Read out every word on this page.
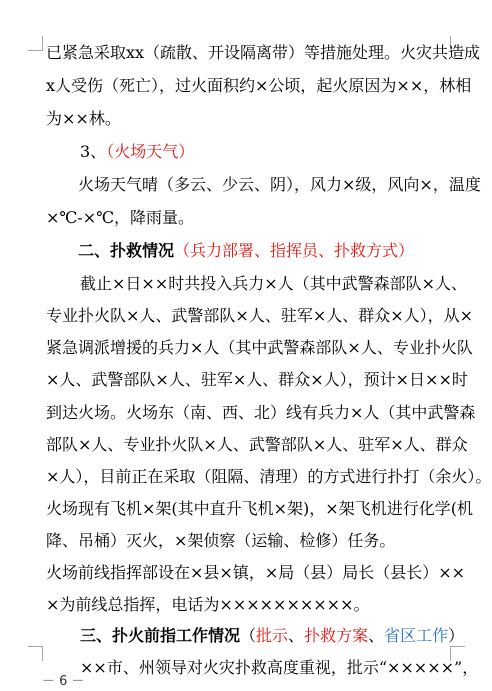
已紧急采取xx（疏散、开设隔离带）等措施处理。火灾共造成
x人受伤（死亡），过火面积约×公顷，起火原因为××，林相
为××林。
3、（火场天气）
火场天气晴（多云、少云、阴），风力×级，风向×，温度
×℃-×℃，降雨量。
二、扑救情况（兵力部署、指挥员、扑救方式）
截止×日××时共投入兵力×人（其中武警森部队×人、
专业扑火队×人、武警部队×人、驻军×人、群众×人），从×
紧急调派增援的兵力×人（其中武警森部队×人、专业扑火队
×人、武警部队×人、驻军×人、群众×人），预计×日××时
到达火场。火场东（南、西、北）线有兵力×人（其中武警森
部队×人、专业扑火队×人、武警部队×人、驻军×人、群众
×人），目前正在采取（阻隔、清理）的方式进行扑打（余火）。
火场现有飞机×架(其中直升飞机×架)，×架飞机进行化学(机
降、吊桶）灭火，×架侦察（运输、检修）任务。
火场前线指挥部设在×县×镇，×局（县）局长（县长）××
×为前线总指挥，电话为××××××××××。
三、扑火前指工作情况（批示、扑救方案、省区工作）
××市、州领导对火灾扑救高度重视，批示“×××××”，
－ 6 －
